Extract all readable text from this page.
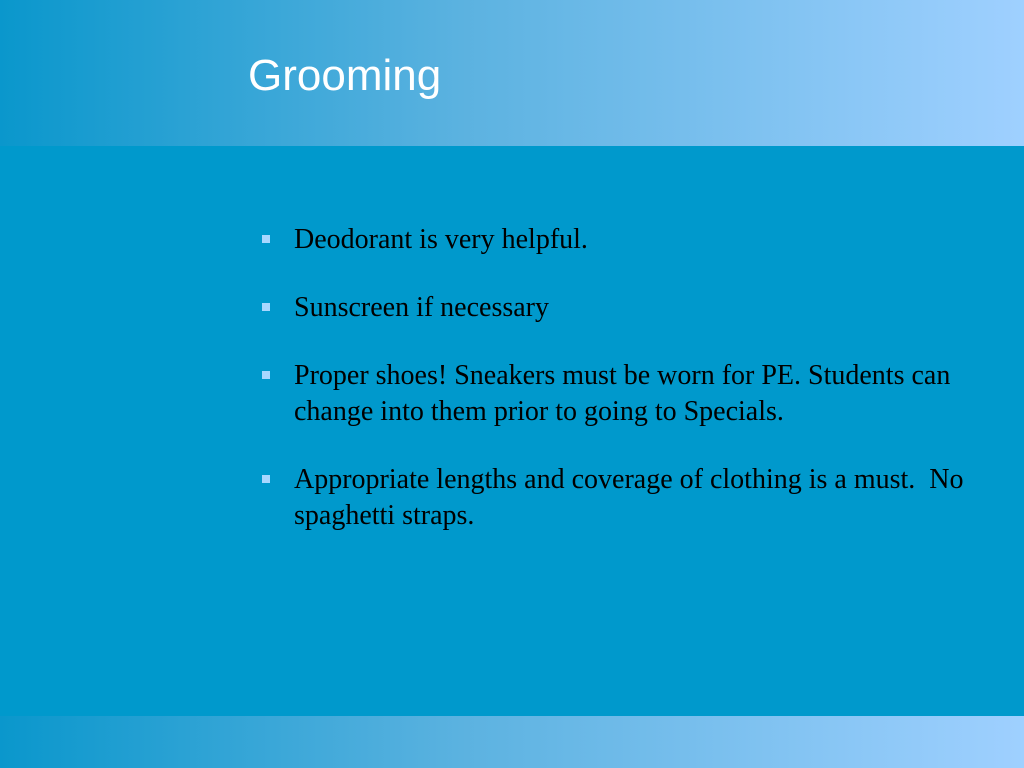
Grooming
Deodorant is very helpful.
Sunscreen if necessary
Proper shoes! Sneakers must be worn for PE. Students can change into them prior to going to Specials.
Appropriate lengths and coverage of clothing is a must.  No spaghetti straps.
